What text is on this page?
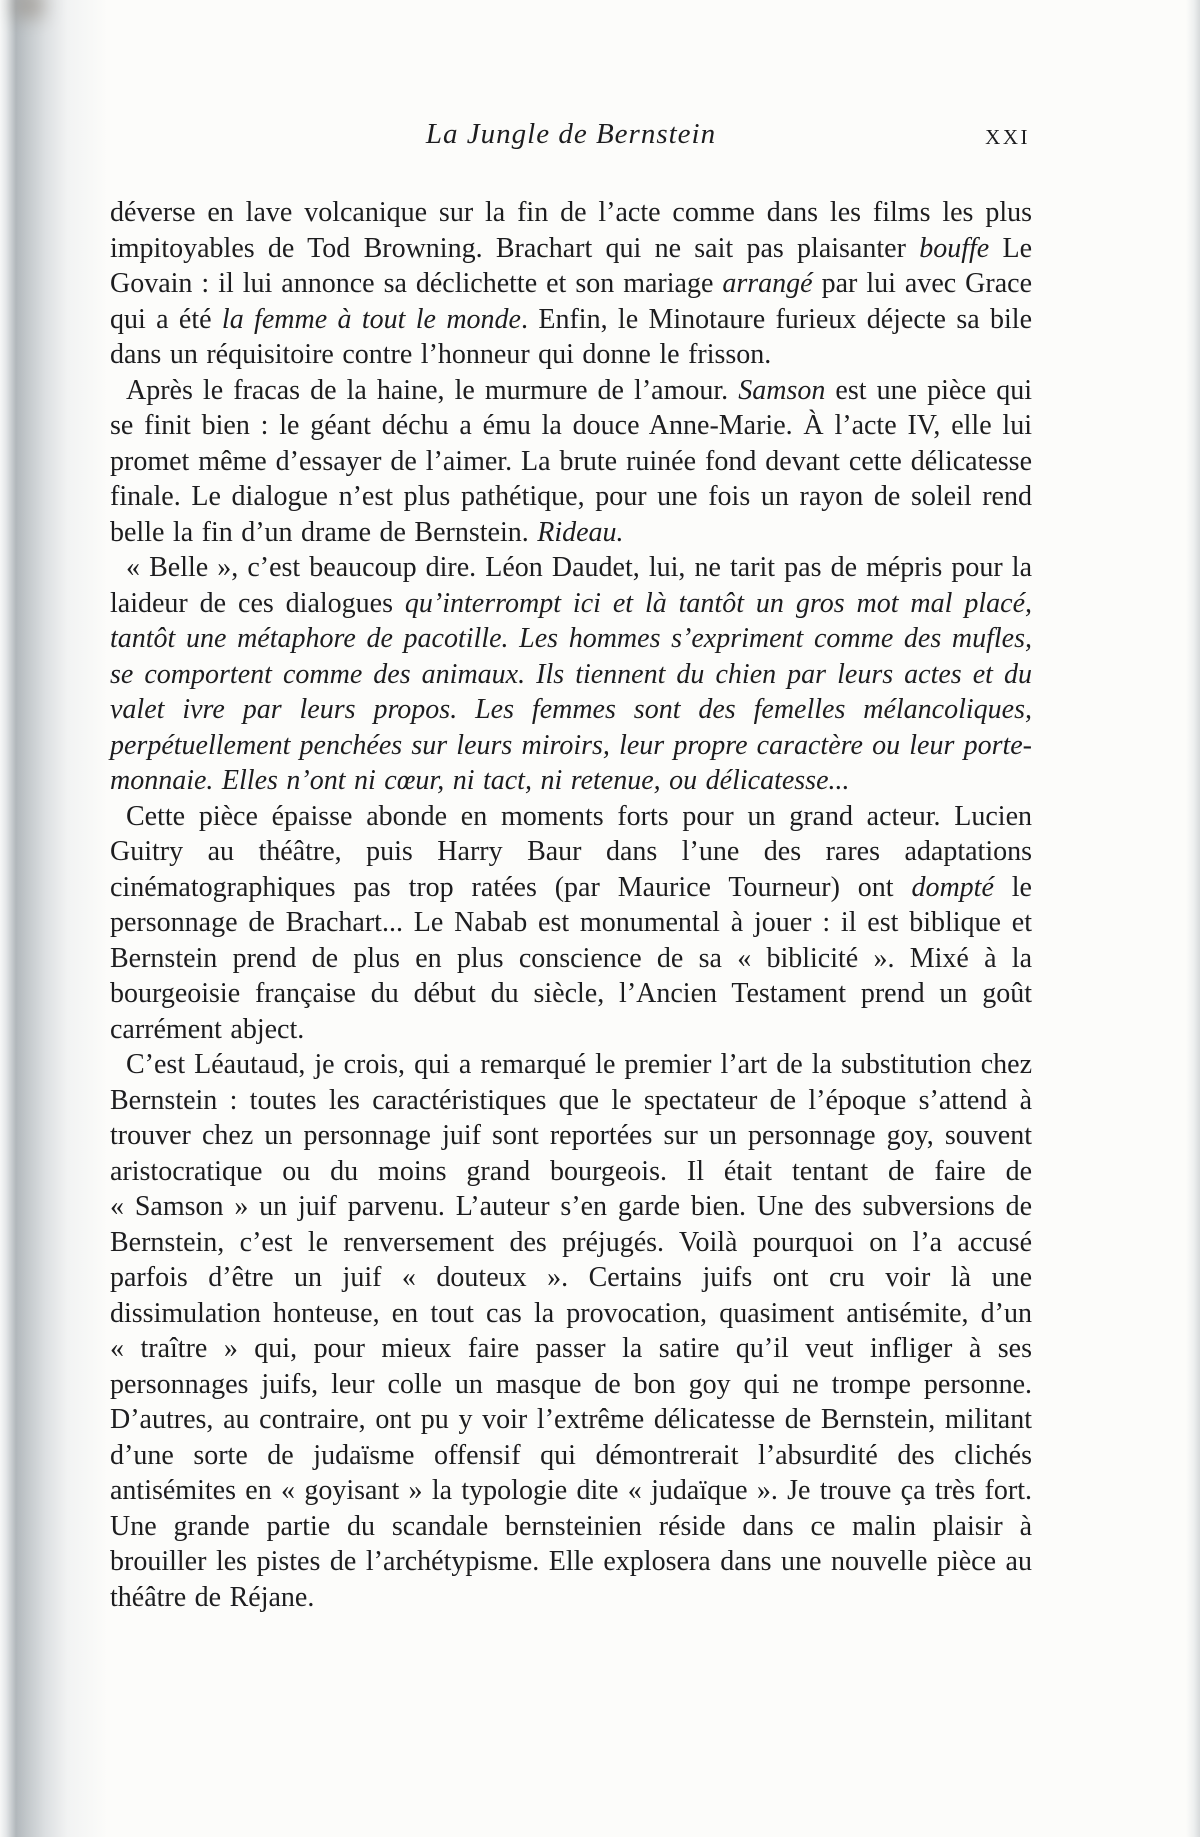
La Jungle de Bernstein	XXI

déverse en lave volcanique sur la fin de l’acte comme dans les films les plus impitoyables de Tod Browning. Brachart qui ne sait pas plaisanter bouffe Le Govain : il lui annonce sa déclichette et son mariage arrangé par lui avec Grace qui a été la femme à tout le monde. Enfin, le Minotaure furieux déjecte sa bile dans un réquisitoire contre l’honneur qui donne le frisson.

Après le fracas de la haine, le murmure de l’amour. Samson est une pièce qui se finit bien : le géant déchu a ému la douce Anne-Marie. À l’acte IV, elle lui promet même d’essayer de l’aimer. La brute ruinée fond devant cette délicatesse finale. Le dialogue n’est plus pathétique, pour une fois un rayon de soleil rend belle la fin d’un drame de Bernstein. Rideau.

« Belle », c’est beaucoup dire. Léon Daudet, lui, ne tarit pas de mépris pour la laideur de ces dialogues qu’interrompt ici et là tantôt un gros mot mal placé, tantôt une métaphore de pacotille. Les hommes s’expriment comme des mufles, se comportent comme des animaux. Ils tiennent du chien par leurs actes et du valet ivre par leurs propos. Les femmes sont des femelles mélancoliques, perpétuellement penchées sur leurs miroirs, leur propre caractère ou leur porte-monnaie. Elles n’ont ni cœur, ni tact, ni retenue, ou délicatesse...

Cette pièce épaisse abonde en moments forts pour un grand acteur. Lucien Guitry au théâtre, puis Harry Baur dans l’une des rares adaptations cinématographiques pas trop ratées (par Maurice Tourneur) ont dompté le personnage de Brachart... Le Nabab est monumental à jouer : il est biblique et Bernstein prend de plus en plus conscience de sa « biblicité ». Mixé à la bourgeoisie française du début du siècle, l’Ancien Testament prend un goût carrément abject.

C’est Léautaud, je crois, qui a remarqué le premier l’art de la substitution chez Bernstein : toutes les caractéristiques que le spectateur de l’époque s’attend à trouver chez un personnage juif sont reportées sur un personnage goy, souvent aristocratique ou du moins grand bourgeois. Il était tentant de faire de « Samson » un juif parvenu. L’auteur s’en garde bien. Une des subversions de Bernstein, c’est le renversement des préjugés. Voilà pourquoi on l’a accusé parfois d’être un juif « douteux ». Certains juifs ont cru voir là une dissimulation honteuse, en tout cas la provocation, quasiment antisémite, d’un « traître » qui, pour mieux faire passer la satire qu’il veut infliger à ses personnages juifs, leur colle un masque de bon goy qui ne trompe personne. D’autres, au contraire, ont pu y voir l’extrême délicatesse de Bernstein, militant d’une sorte de judaïsme offensif qui démontrerait l’absurdité des clichés antisémites en « goyisant » la typologie dite « judaïque ». Je trouve ça très fort. Une grande partie du scandale bernsteinien réside dans ce malin plaisir à brouiller les pistes de l’archétypisme. Elle explosera dans une nouvelle pièce au théâtre de Réjane.
